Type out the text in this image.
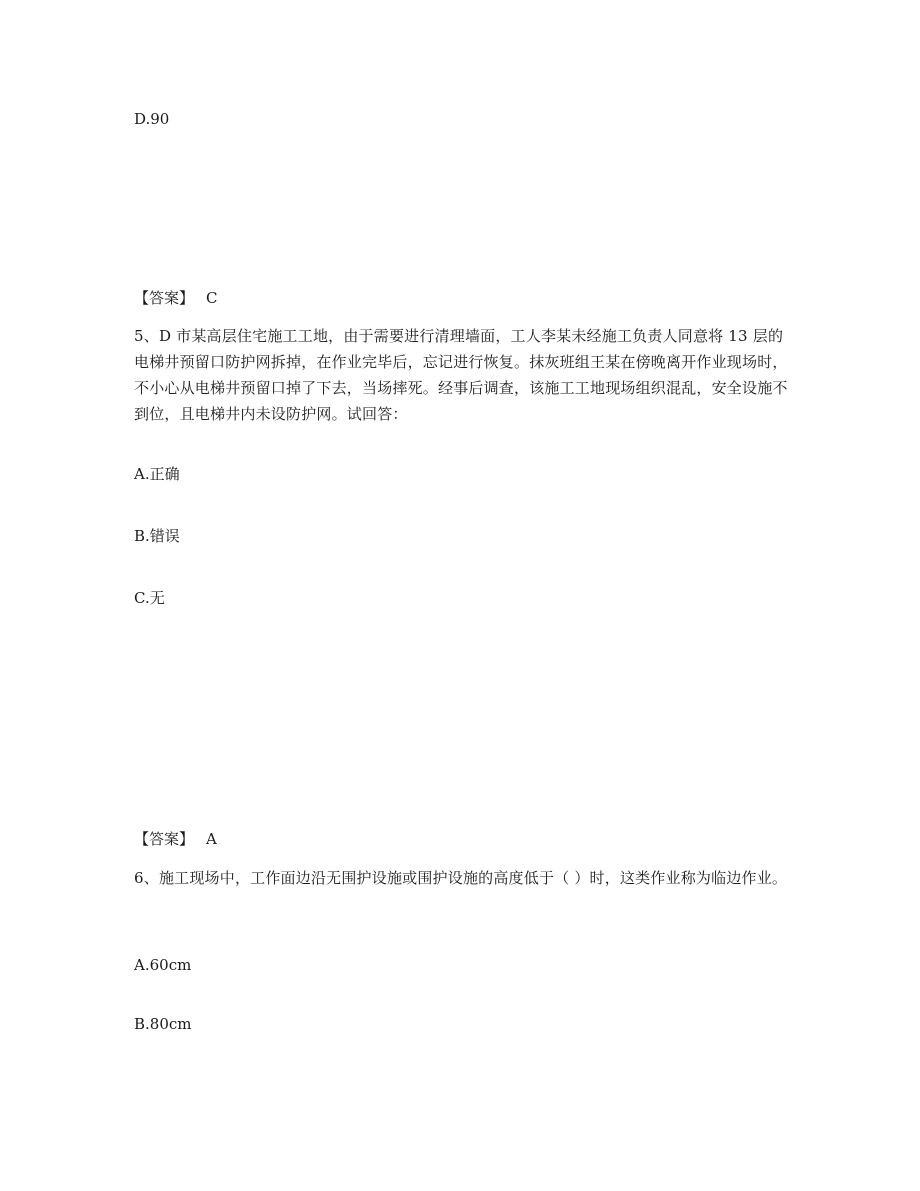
D.90
【答案】 C
5、D 市某高层住宅施工工地，由于需要进行清理墙面，工人李某未经施工负责人同意将 13 层的电梯井预留口防护网拆掉，在作业完毕后，忘记进行恢复。抹灰班组王某在傍晚离开作业现场时，不小心从电梯井预留口掉了下去，当场摔死。经事后调查，该施工工地现场组织混乱，安全设施不到位，且电梯井内未设防护网。试回答：
A.正确
B.错误
C.无
【答案】 A
6、施工现场中，工作面边沿无围护设施或围护设施的高度低于（ ）时，这类作业称为临边作业。
A.60cm
B.80cm
